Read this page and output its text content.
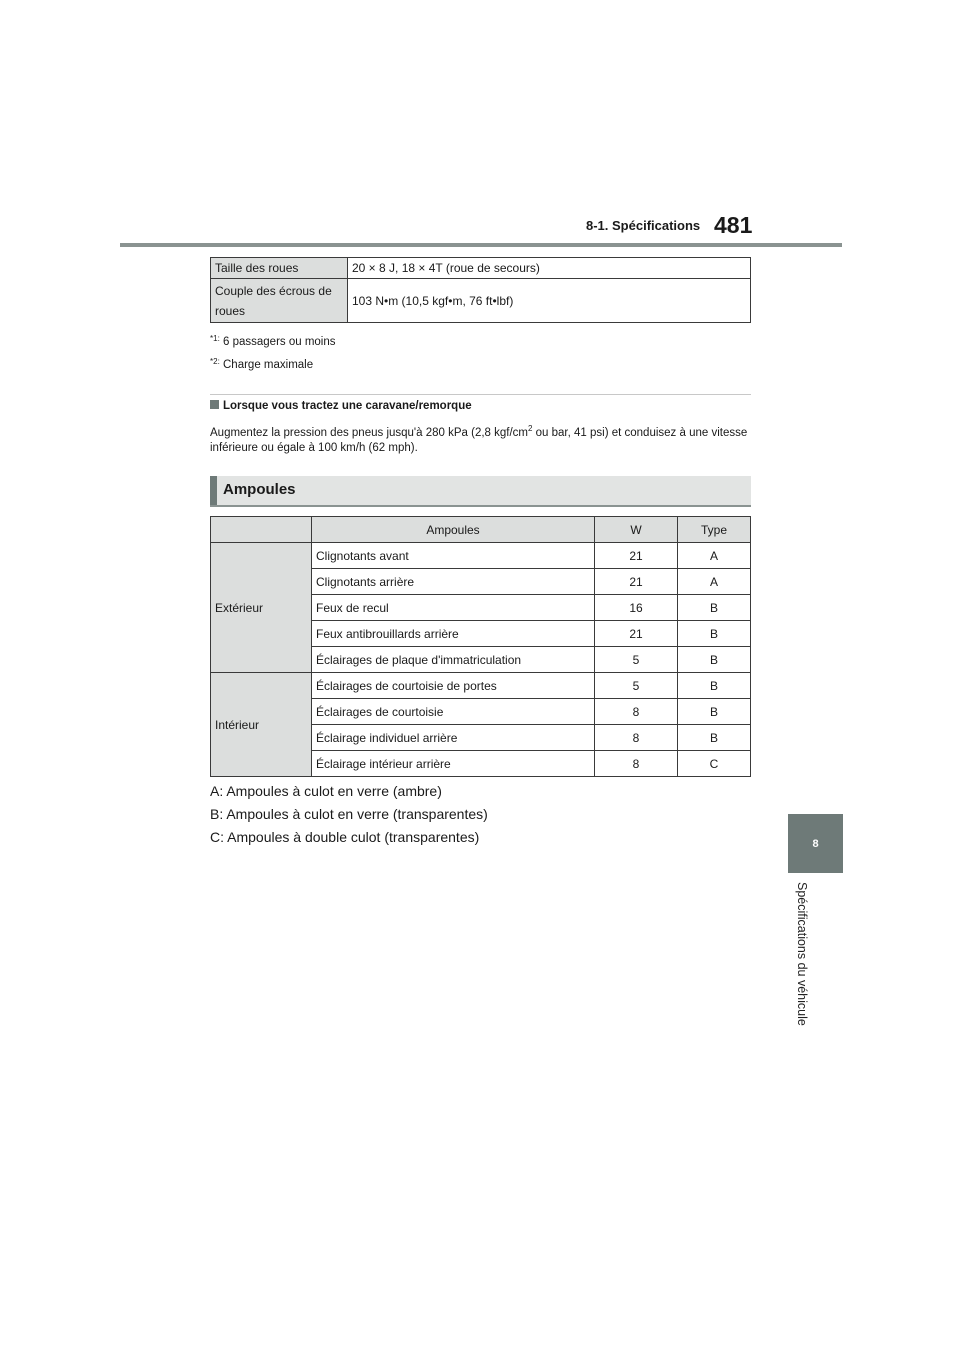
8-1. Spécifications 481
8
Spécifications du véhicule
Taille des roues	20 × 8 J, 18 × 4T (roue de secours)

Couple des écrous de
roues	103 N•m (10,5 kgf•m, 76 ft•lbf)
$^{*1:}$ 6 passagers ou moins
$^{*2:}$ Charge maximale
Lorsque vous tractez une caravane/remorque
Augmentez la pression des pneus jusqu'à 280 kPa (2,8 kgf/$cm^2$ ou bar, 41 psi) et conduisez à une vitesse inférieure ou égale à 100 km/h (62 mph).
Ampoules
	Ampoules	W	Type
Extérieur	Clignotants avant	21	A
	Clignotants arrière	21	A
	Feux de recul	16	B
	Feux antibrouillards arrière	21	B
	Éclairages de plaque d'immatriculation	5	B
Intérieur	Éclairages de courtoisie de portes	5	B
	Éclairages de courtoisie	8	B
	Éclairage individuel arrière	8	B
	Éclairage intérieur arrière	8	C
A: Ampoules à culot en verre (ambre)
B: Ampoules à culot en verre (transparentes)
C: Ampoules à double culot (transparentes)
